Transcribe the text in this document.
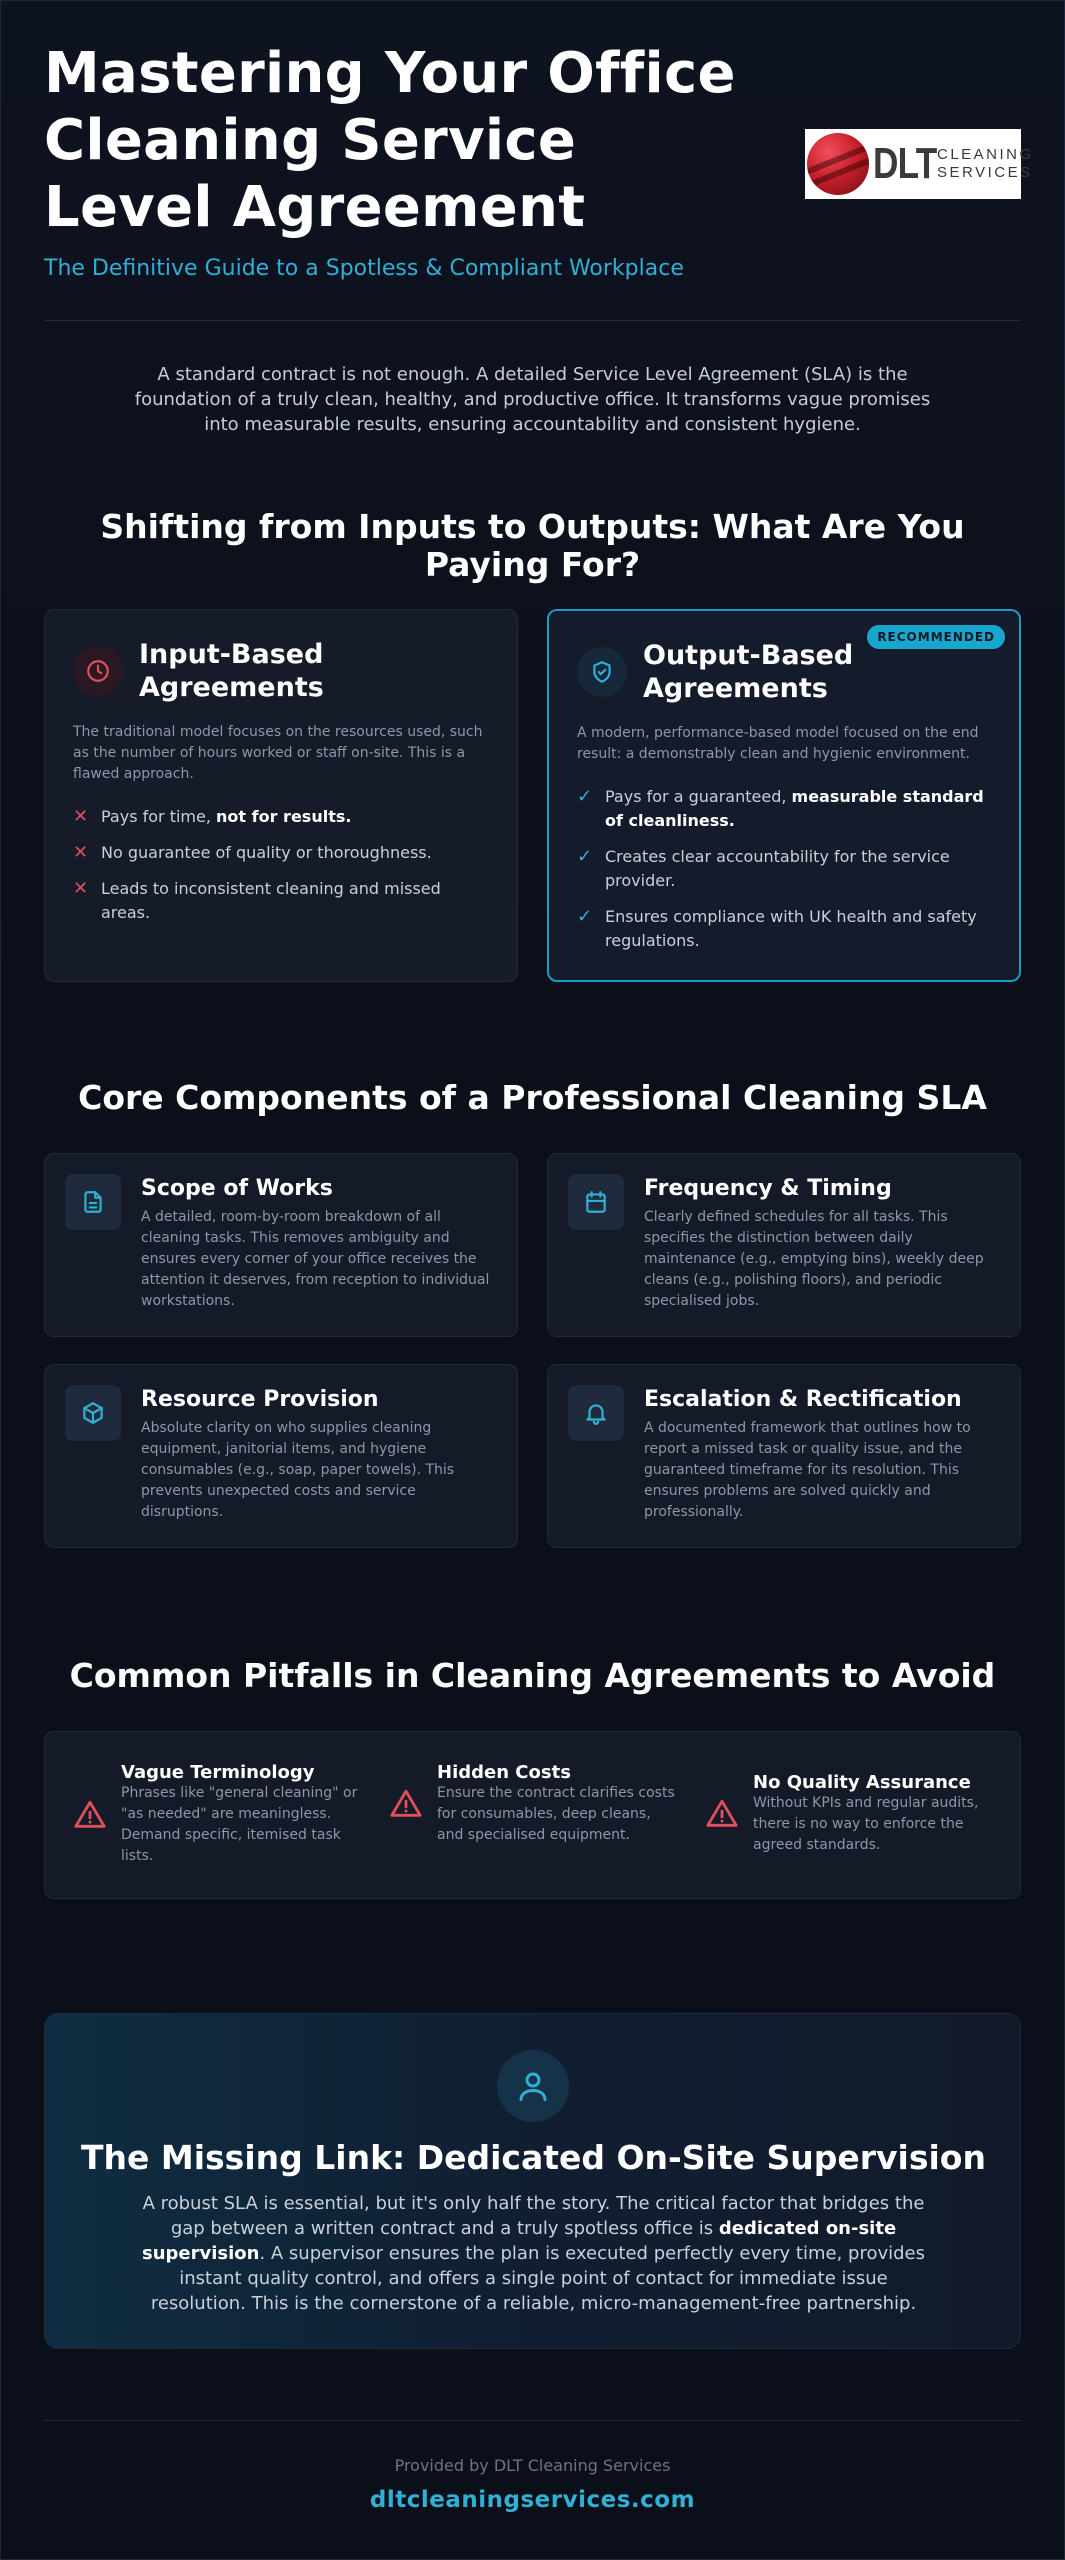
Mastering Your Office
Cleaning Service
Level Agreement
The Definitive Guide to a Spotless & Compliant Workplace
DLT CLEANING
SERVICES

A standard contract is not enough. A detailed Service Level Agreement (SLA) is the foundation of a truly clean, healthy, and productive office. It transforms vague promises into measurable results, ensuring accountability and consistent hygiene.

Shifting from Inputs to Outputs: What Are You Paying For?
Input-Based Agreements

The traditional model focuses on the resources used, such as the number of hours worked or staff on-site. This is a flawed approach.

✕ Pays for time, not for results.
✕ No guarantee of quality or thoroughness.
✕ Leads to inconsistent cleaning and missed areas.
RECOMMENDED
Output-Based Agreements

A modern, performance-based model focused on the end result: a demonstrably clean and hygienic environment.

✓ Pays for a guaranteed, measurable standard of cleanliness.
✓ Creates clear accountability for the service provider.
✓ Ensures compliance with UK health and safety regulations.
Core Components of a Professional Cleaning SLA
Scope of Works

A detailed, room-by-room breakdown of all cleaning tasks. This removes ambiguity and ensures every corner of your office receives the attention it deserves, from reception to individual workstations.

Frequency & Timing

Clearly defined schedules for all tasks. This specifies the distinction between daily maintenance (e.g., emptying bins), weekly deep cleans (e.g., polishing floors), and periodic specialised jobs.

Resource Provision

Absolute clarity on who supplies cleaning equipment, janitorial items, and hygiene consumables (e.g., soap, paper towels). This prevents unexpected costs and service disruptions.

Escalation & Rectification

A documented framework that outlines how to report a missed task or quality issue, and the guaranteed timeframe for its resolution. This ensures problems are solved quickly and professionally.

Common Pitfalls in Cleaning Agreements to Avoid
Vague Terminology
Phrases like "general cleaning" or "as needed" are meaningless. Demand specific, itemised task lists.
Hidden Costs
Ensure the contract clarifies costs for consumables, deep cleans, and specialised equipment.
No Quality Assurance
Without KPIs and regular audits, there is no way to enforce the agreed standards.
The Missing Link: Dedicated On-Site Supervision

A robust SLA is essential, but it's only half the story. The critical factor that bridges the gap between a written contract and a truly spotless office is dedicated on-site supervision. A supervisor ensures the plan is executed perfectly every time, provides instant quality control, and offers a single point of contact for immediate issue resolution. This is the cornerstone of a reliable, micro-management-free partnership.

Provided by DLT Cleaning Services
dltcleaningservices.com
